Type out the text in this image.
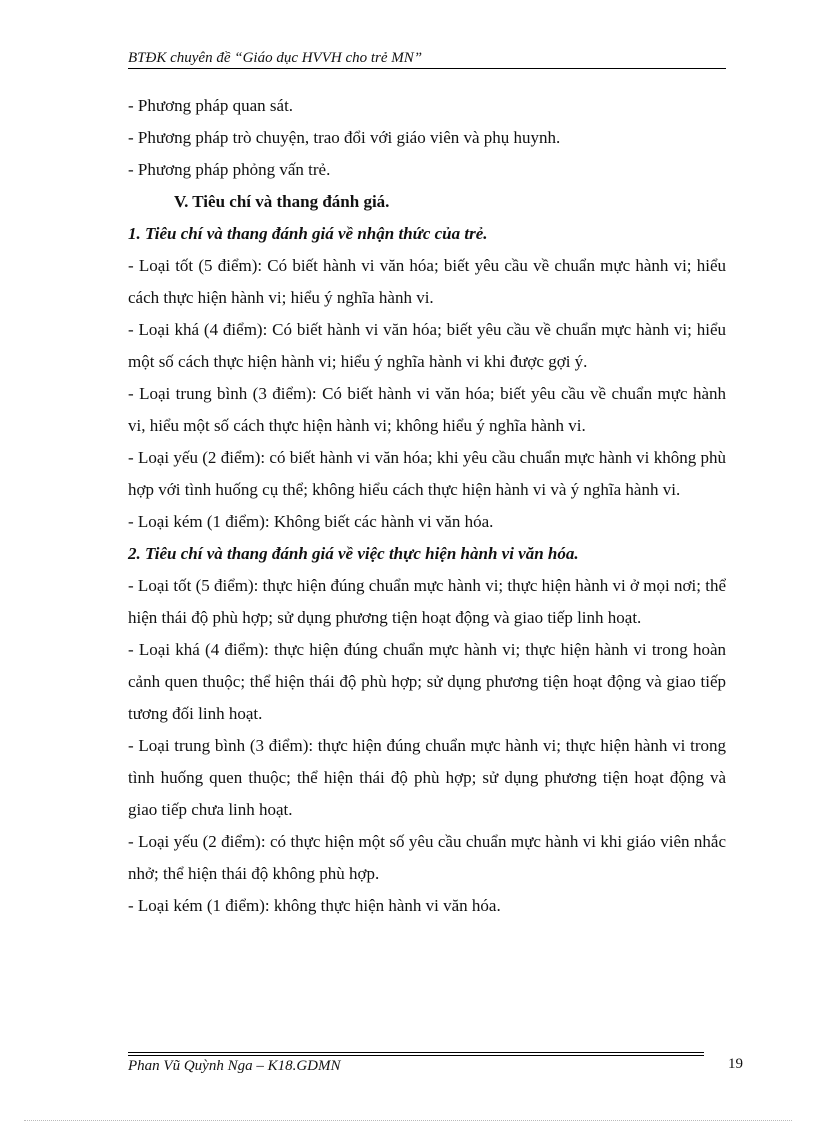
BTĐK chuyên đề “Giáo dục HVVH cho trẻ MN”

- Phương pháp quan sát.

- Phương pháp trò chuyện, trao đổi với giáo viên và phụ huynh.

- Phương pháp phỏng vấn trẻ.

V. Tiêu chí và thang đánh giá.

1. Tiêu chí và thang đánh giá về nhận thức của trẻ.

- Loại tốt (5 điểm): Có biết hành vi văn hóa; biết yêu cầu về chuẩn mực hành vi; hiểu cách thực hiện hành vi; hiểu ý nghĩa hành vi.

- Loại khá (4 điểm): Có biết hành vi văn hóa; biết yêu cầu về chuẩn mực hành vi; hiểu một số cách thực hiện hành vi; hiểu ý nghĩa hành vi khi được gợi ý.

- Loại trung bình (3 điểm): Có biết hành vi văn hóa; biết yêu cầu về chuẩn mực hành vi, hiểu một số cách thực hiện hành vi; không hiểu ý nghĩa hành vi.

- Loại yếu (2 điểm): có biết hành vi văn hóa; khi yêu cầu chuẩn mực hành vi không phù hợp với tình huống cụ thể; không hiểu cách thực hiện hành vi và ý nghĩa hành vi.

- Loại kém (1 điểm): Không biết các hành vi văn hóa.

2. Tiêu chí và thang đánh giá về việc thực hiện hành vi văn hóa.

- Loại tốt (5 điểm): thực hiện đúng chuẩn mực hành vi; thực hiện hành vi ở mọi nơi; thể hiện thái độ phù hợp; sử dụng phương tiện hoạt động và giao tiếp linh hoạt.

- Loại khá (4 điểm): thực hiện đúng chuẩn mực hành vi; thực hiện hành vi trong hoàn cảnh quen thuộc; thể hiện thái độ phù hợp; sử dụng phương tiện hoạt động và giao tiếp tương đối linh hoạt.

- Loại trung bình (3 điểm): thực hiện đúng chuẩn mực hành vi; thực hiện hành vi trong tình huống quen thuộc; thể hiện thái độ phù hợp; sử dụng phương tiện hoạt động và giao tiếp chưa linh hoạt.

- Loại yếu (2 điểm): có thực hiện một số yêu cầu chuẩn mực hành vi khi giáo viên nhắc nhở; thể hiện thái độ không phù hợp.

- Loại kém (1 điểm): không thực hiện hành vi văn hóa.

Phan Vũ Quỳnh Nga – K18.GDMN	19
